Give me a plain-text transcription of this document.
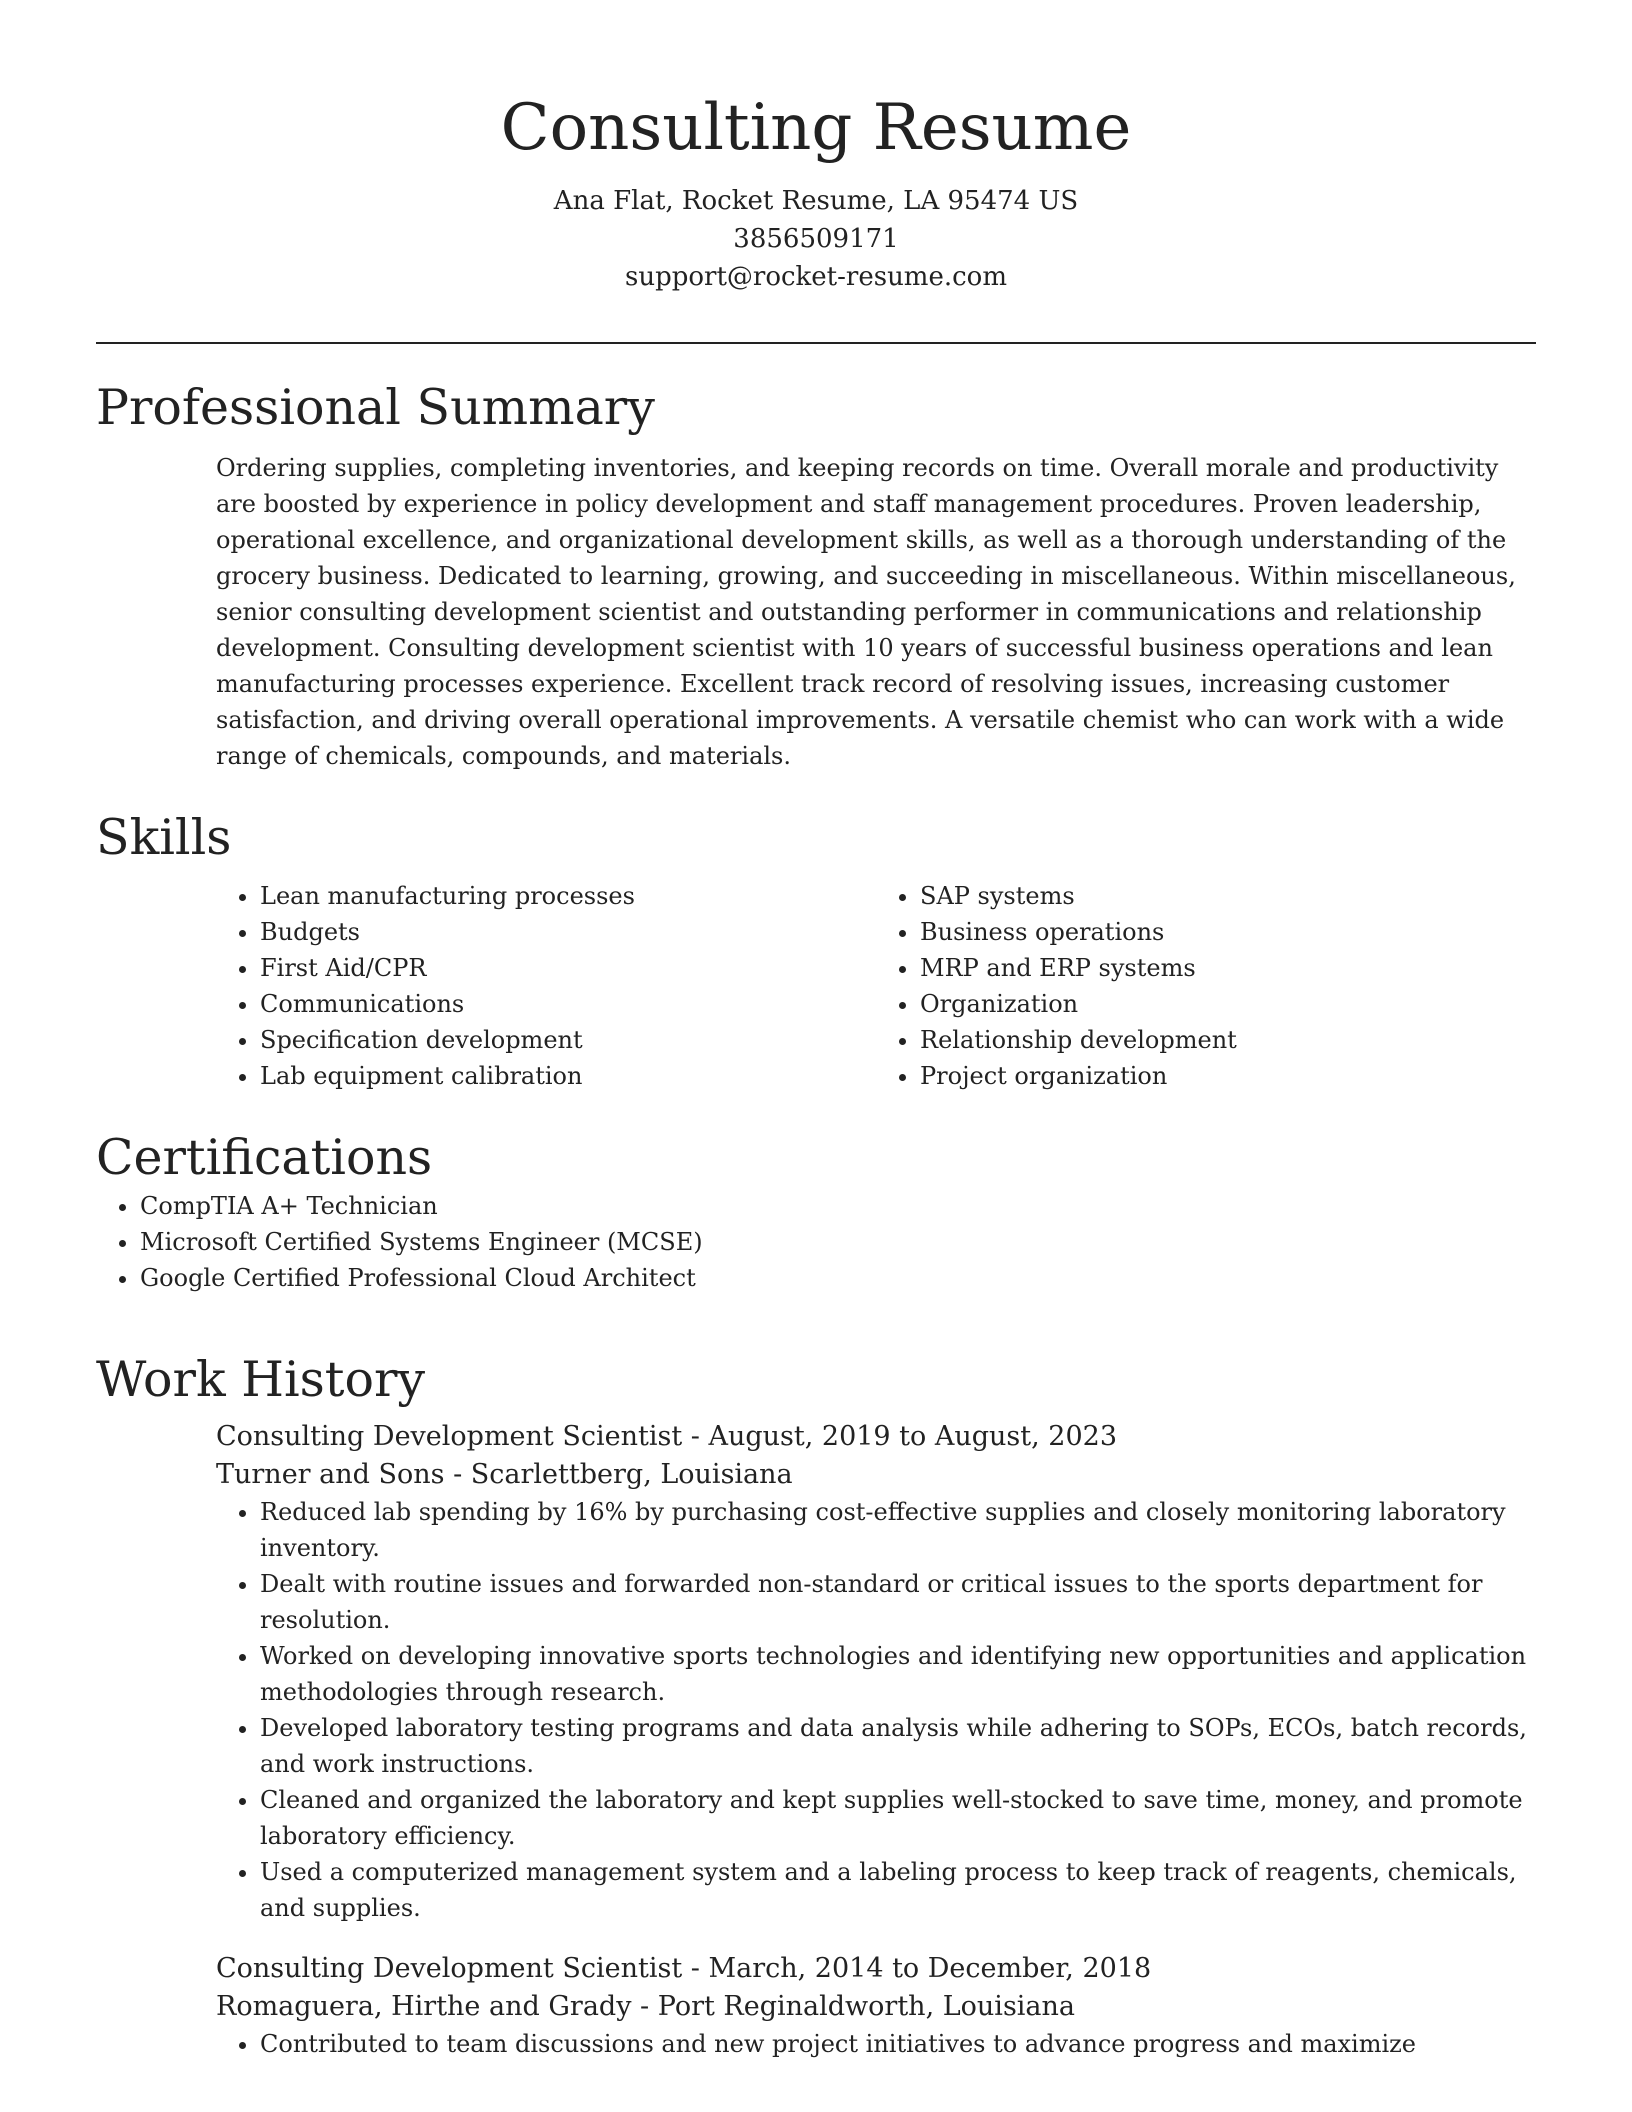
Consulting Resume
Ana Flat, Rocket Resume, LA 95474 US
3856509171
support@rocket-resume.com
Professional Summary
Ordering supplies, completing inventories, and keeping records on time. Overall morale and productivity are boosted by experience in policy development and staff management procedures. Proven leadership, operational excellence, and organizational development skills, as well as a thorough understanding of the grocery business. Dedicated to learning, growing, and succeeding in miscellaneous. Within miscellaneous, senior consulting development scientist and outstanding performer in communications and relationship development. Consulting development scientist with 10 years of successful business operations and lean manufacturing processes experience. Excellent track record of resolving issues, increasing customer satisfaction, and driving overall operational improvements. A versatile chemist who can work with a wide range of chemicals, compounds, and materials.
Skills
• Lean manufacturing processes
• Budgets
• First Aid/CPR
• Communications
• Specification development
• Lab equipment calibration
• SAP systems
• Business operations
• MRP and ERP systems
• Organization
• Relationship development
• Project organization
Certifications
• CompTIA A+ Technician
• Microsoft Certified Systems Engineer (MCSE)
• Google Certified Professional Cloud Architect
Work History
Consulting Development Scientist - August, 2019 to August, 2023
Turner and Sons - Scarlettberg, Louisiana
• Reduced lab spending by 16% by purchasing cost-effective supplies and closely monitoring laboratory inventory.
• Dealt with routine issues and forwarded non-standard or critical issues to the sports department for resolution.
• Worked on developing innovative sports technologies and identifying new opportunities and application methodologies through research.
• Developed laboratory testing programs and data analysis while adhering to SOPs, ECOs, batch records, and work instructions.
• Cleaned and organized the laboratory and kept supplies well-stocked to save time, money, and promote laboratory efficiency.
• Used a computerized management system and a labeling process to keep track of reagents, chemicals, and supplies.
Consulting Development Scientist - March, 2014 to December, 2018
Romaguera, Hirthe and Grady - Port Reginaldworth, Louisiana
• Contributed to team discussions and new project initiatives to advance progress and maximize
